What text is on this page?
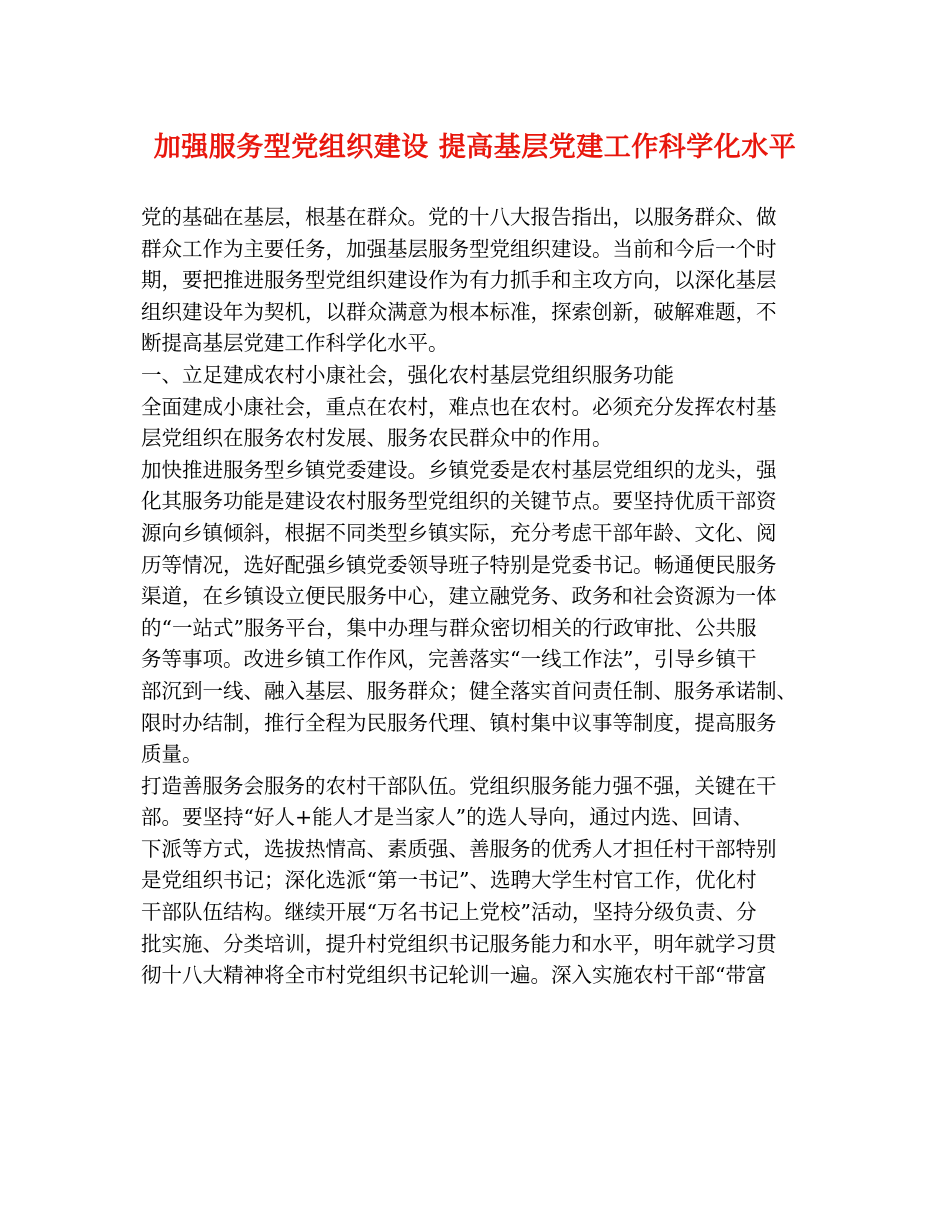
加强服务型党组织建设 提高基层党建工作科学化水平
党的基础在基层，根基在群众。党的十八大报告指出，以服务群众、做
群众工作为主要任务，加强基层服务型党组织建设。当前和今后一个时
期，要把推进服务型党组织建设作为有力抓手和主攻方向，以深化基层
组织建设年为契机，以群众满意为根本标准，探索创新，破解难题，不
断提高基层党建工作科学化水平。
一、立足建成农村小康社会，强化农村基层党组织服务功能
全面建成小康社会，重点在农村，难点也在农村。必须充分发挥农村基
层党组织在服务农村发展、服务农民群众中的作用。
加快推进服务型乡镇党委建设。乡镇党委是农村基层党组织的龙头，强
化其服务功能是建设农村服务型党组织的关键节点。要坚持优质干部资
源向乡镇倾斜，根据不同类型乡镇实际，充分考虑干部年龄、文化、阅
历等情况，选好配强乡镇党委领导班子特别是党委书记。畅通便民服务
渠道，在乡镇设立便民服务中心，建立融党务、政务和社会资源为一体
的“一站式”服务平台，集中办理与群众密切相关的行政审批、公共服
务等事项。改进乡镇工作作风，完善落实“一线工作法”，引导乡镇干
部沉到一线、融入基层、服务群众；健全落实首问责任制、服务承诺制、
限时办结制，推行全程为民服务代理、镇村集中议事等制度，提高服务
质量。
打造善服务会服务的农村干部队伍。党组织服务能力强不强，关键在干
部。要坚持“好人+能人才是当家人”的选人导向，通过内选、回请、
下派等方式，选拔热情高、素质强、善服务的优秀人才担任村干部特别
是党组织书记；深化选派“第一书记”、选聘大学生村官工作，优化村
干部队伍结构。继续开展“万名书记上党校”活动，坚持分级负责、分
批实施、分类培训，提升村党组织书记服务能力和水平，明年就学习贯
彻十八大精神将全市村党组织书记轮训一遍。深入实施农村干部“带富
